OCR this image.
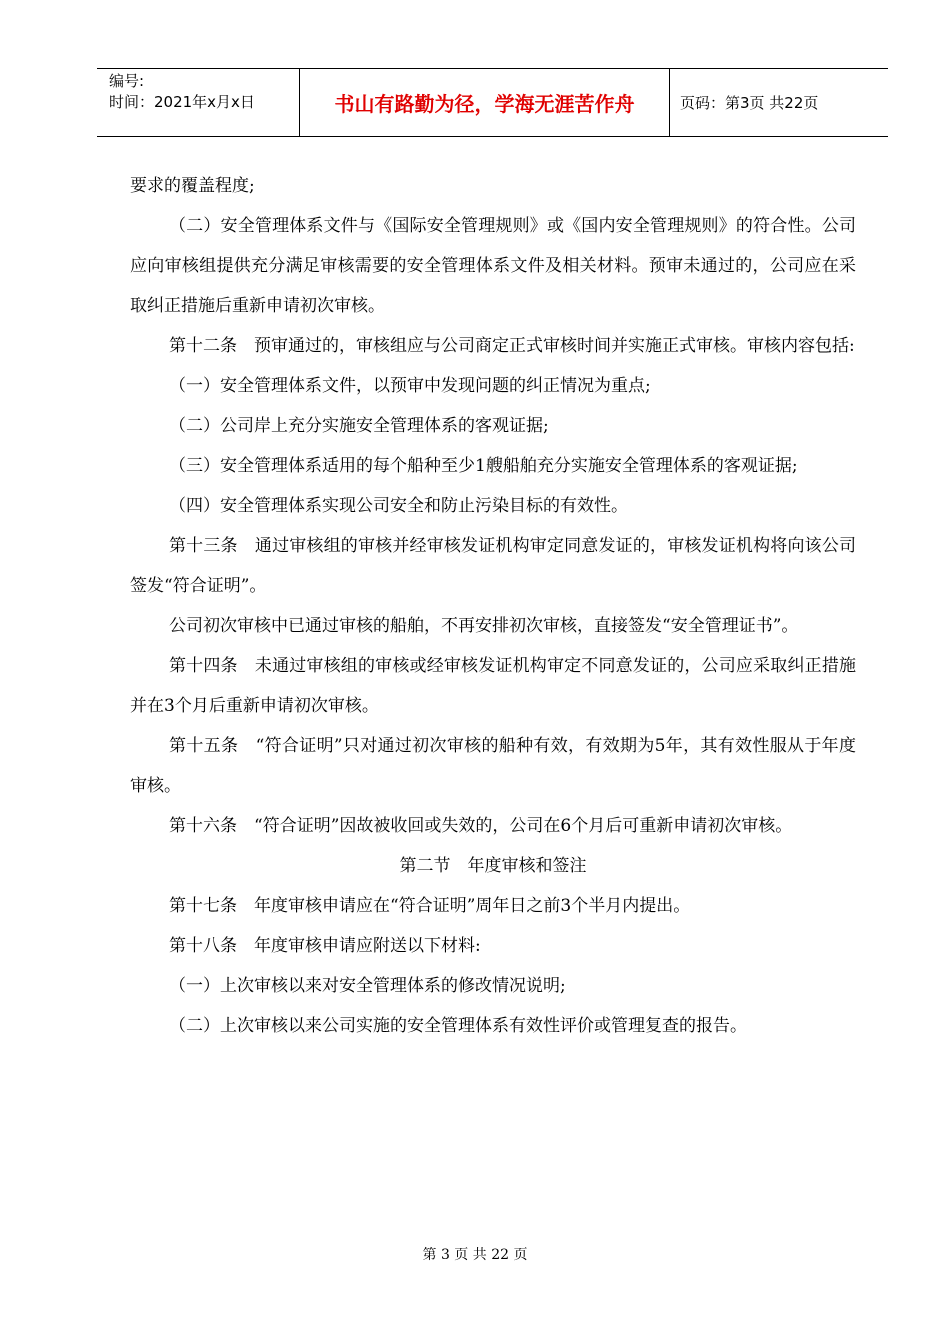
编号:
时间：2021年x月x日	书山有路勤为径，学海无涯苦作舟	页码：第3页 共22页

要求的覆盖程度;

（二）安全管理体系文件与《国际安全管理规则》或《国内安全管理规则》的符合性。公司应向审核组提供充分满足审核需要的安全管理体系文件及相关材料。预审未通过的，公司应在采取纠正措施后重新申请初次审核。

第十二条　预审通过的，审核组应与公司商定正式审核时间并实施正式审核。审核内容包括:

（一）安全管理体系文件，以预审中发现问题的纠正情况为重点;

（二）公司岸上充分实施安全管理体系的客观证据;

（三）安全管理体系适用的每个船种至少1艘船舶充分实施安全管理体系的客观证据;

（四）安全管理体系实现公司安全和防止污染目标的有效性。

第十三条　通过审核组的审核并经审核发证机构审定同意发证的，审核发证机构将向该公司签发“符合证明”。

公司初次审核中已通过审核的船舶，不再安排初次审核，直接签发“安全管理证书”。

第十四条　未通过审核组的审核或经审核发证机构审定不同意发证的，公司应采取纠正措施并在3个月后重新申请初次审核。

第十五条　“符合证明”只对通过初次审核的船种有效，有效期为5年，其有效性服从于年度审核。

第十六条　“符合证明”因故被收回或失效的，公司在6个月后可重新申请初次审核。

第二节　年度审核和签注

第十七条　年度审核申请应在“符合证明”周年日之前3个半月内提出。

第十八条　年度审核申请应附送以下材料:

（一）上次审核以来对安全管理体系的修改情况说明;

（二）上次审核以来公司实施的安全管理体系有效性评价或管理复查的报告。

第 3 页 共 22 页
